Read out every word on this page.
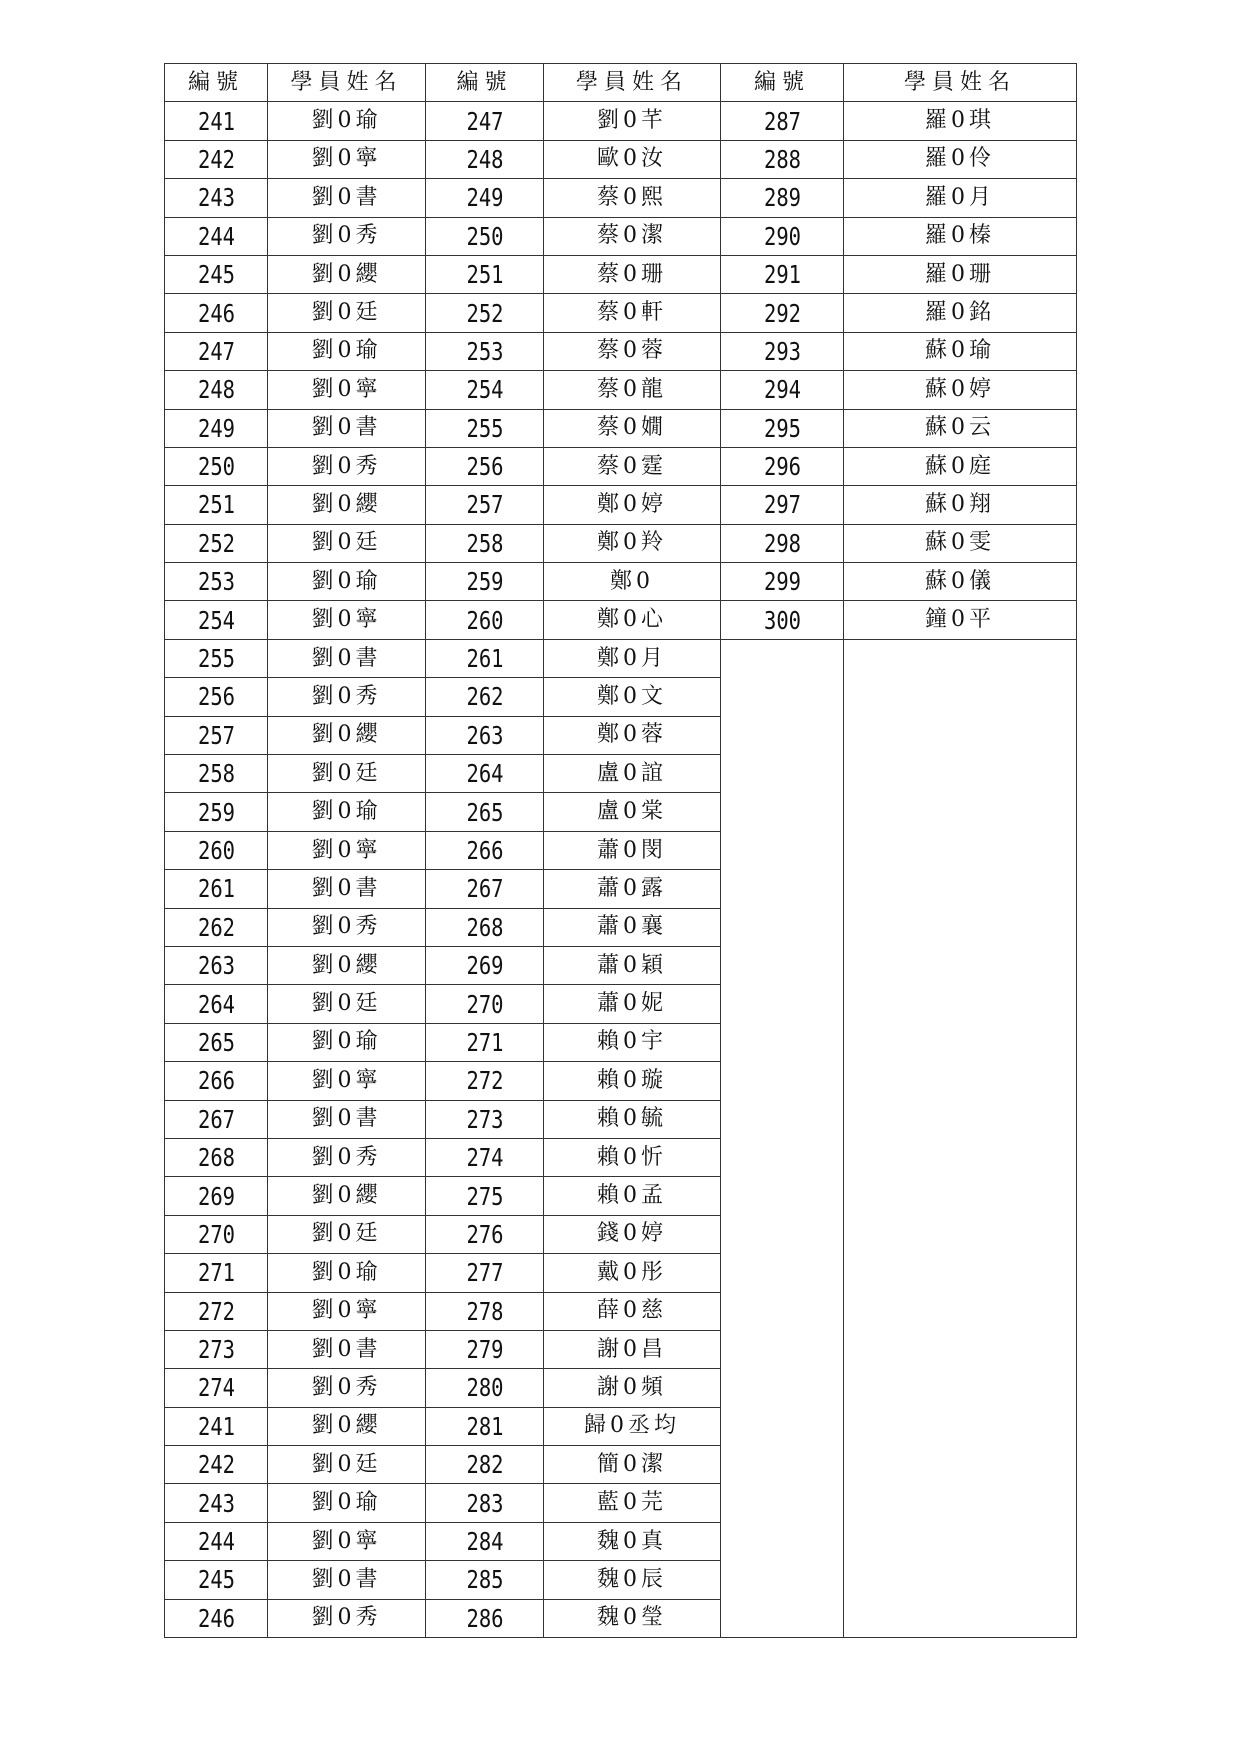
編號	學員姓名	編號	學員姓名	編號	學員姓名
241	劉0瑜	247	劉0芊	287	羅0琪
242	劉0寧	248	歐0汝	288	羅0伶
243	劉0書	249	蔡0熙	289	羅0月
244	劉0秀	250	蔡0潔	290	羅0榛
245	劉0纓	251	蔡0珊	291	羅0珊
246	劉0廷	252	蔡0軒	292	羅0銘
247	劉0瑜	253	蔡0蓉	293	蘇0瑜
248	劉0寧	254	蔡0龍	294	蘇0婷
249	劉0書	255	蔡0嫺	295	蘇0云
250	劉0秀	256	蔡0霆	296	蘇0庭
251	劉0纓	257	鄭0婷	297	蘇0翔
252	劉0廷	258	鄭0羚	298	蘇0雯
253	劉0瑜	259	鄭0	299	蘇0儀
254	劉0寧	260	鄭0心	300	鐘0平
255	劉0書	261	鄭0月		
256	劉0秀	262	鄭0文		
257	劉0纓	263	鄭0蓉		
258	劉0廷	264	盧0誼		
259	劉0瑜	265	盧0棠		
260	劉0寧	266	蕭0閔		
261	劉0書	267	蕭0露		
262	劉0秀	268	蕭0襄		
263	劉0纓	269	蕭0穎		
264	劉0廷	270	蕭0妮		
265	劉0瑜	271	賴0宇		
266	劉0寧	272	賴0璇		
267	劉0書	273	賴0毓		
268	劉0秀	274	賴0忻		
269	劉0纓	275	賴0孟		
270	劉0廷	276	錢0婷		
271	劉0瑜	277	戴0彤		
272	劉0寧	278	薛0慈		
273	劉0書	279	謝0昌		
274	劉0秀	280	謝0頻		
241	劉0纓	281	歸0丞均		
242	劉0廷	282	簡0潔		
243	劉0瑜	283	藍0芫		
244	劉0寧	284	魏0真		
245	劉0書	285	魏0辰		
246	劉0秀	286	魏0瑩		
